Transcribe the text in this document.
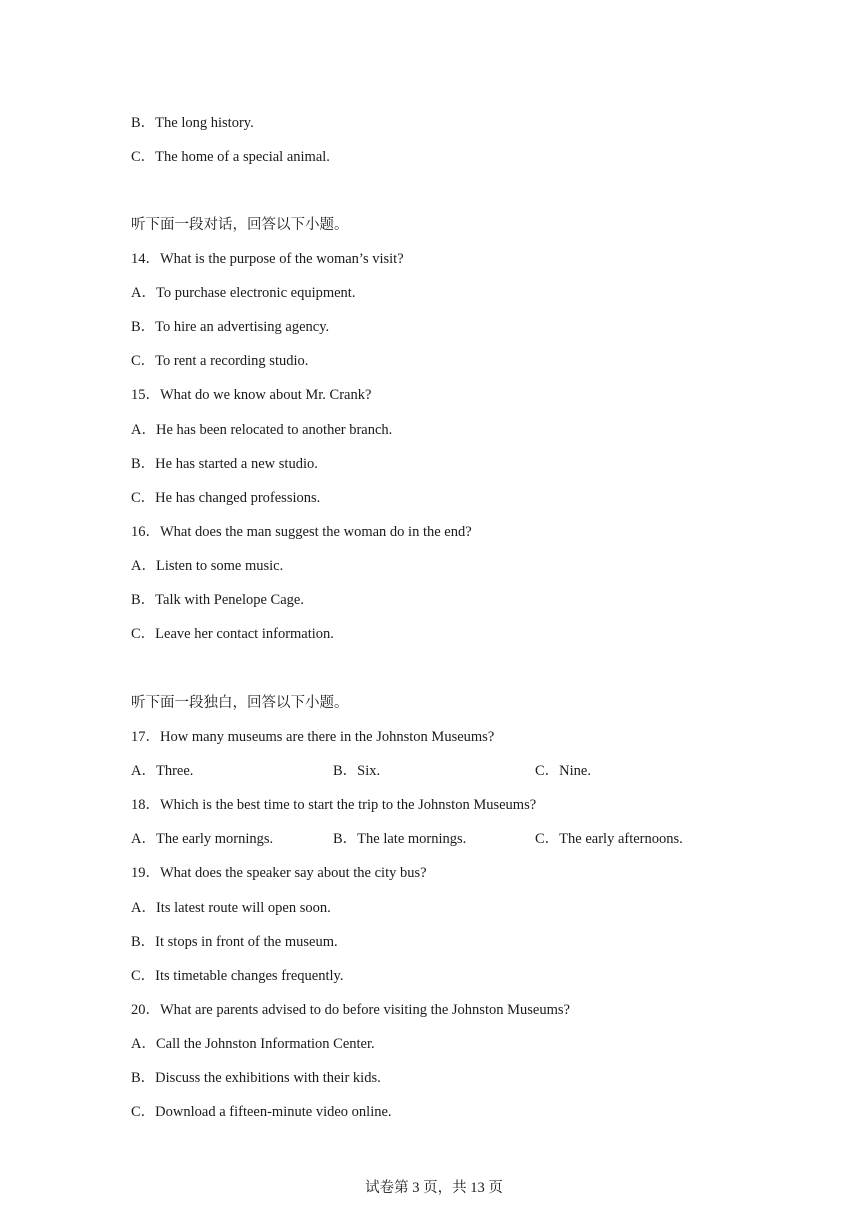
B．The long history.
C．The home of a special animal.
听下面一段对话，回答以下小题。
14．What is the purpose of the woman’s visit?
A．To purchase electronic equipment.
B．To hire an advertising agency.
C．To rent a recording studio.
15．What do we know about Mr. Crank?
A．He has been relocated to another branch.
B．He has started a new studio.
C．He has changed professions.
16．What does the man suggest the woman do in the end?
A．Listen to some music.
B．Talk with Penelope Cage.
C．Leave her contact information.
听下面一段独白，回答以下小题。
17．How many museums are there in the Johnston Museums?
A．Three.	B．Six.	C．Nine.
18．Which is the best time to start the trip to the Johnston Museums?
A．The early mornings.	B．The late mornings.	C．The early afternoons.
19．What does the speaker say about the city bus?
A．Its latest route will open soon.
B．It stops in front of the museum.
C．Its timetable changes frequently.
20．What are parents advised to do before visiting the Johnston Museums?
A．Call the Johnston Information Center.
B．Discuss the exhibitions with their kids.
C．Download a fifteen-minute video online.
试卷第 3 页，共 13 页
